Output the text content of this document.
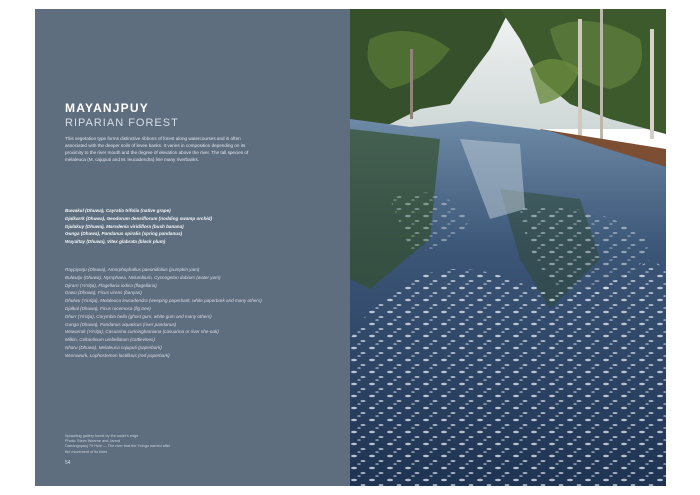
MAYANJPUY
RIPARIAN FOREST
This vegetation type forms distinctive ribbons of forest along watercourses and is often
associated with the deeper soils of levee banks. It varies in composition depending on its
proximity to the river mouth and the degree of elevation above the river. The tall species of
melaleuca (M. cajuputi and M. leucadendra) line many riverbanks.
Buwakul (Dhuwa), Cayratia trifolia (native grape)
Djalkarrk (Dhuwa), Geodorum densiflorum (nodding swamp orchid)
Djulakuy (Dhuwa), Marsdenia viridiflora (bush banana)
Gunga (Dhuwa), Pandanus spiralis (spring pandanus)
Wuyaltay (Dhuwa), Vitex glabrata (black plum)
Raypiyarju (Dhuwa), Amorphophallus paeoniifolius (pumpkin yam)
Bulwutju (Dhuwa), Nymphaea, Nelumbium, Cycnogeton dubium (water yam)
Djirarri (Yirritja), Flagellaria indica (flagellaria)
Dawu (Dhuwa), Ficus virens (banyan)
Dhulwu (Yirritja), Melaleuca leucadendra (weeping paperbark, white paperbark and many others)
Djalkal (Dhuwa), Ficus racemosa (fig tree)
Dhurr (Yirritja), Corymbia bella (ghost gum, white gum and many others)
Gunga (Dhuwa), Pandanus aquaticus (river pandanus)
Wawarrak (Yirritja), Casuarina cunninghamiana (casuarina or river she-oak)
Milkin, Celtantinum umbellatum (cattlevines)
Nharu (Dhuwa), Melaleuca cajuputi (paperbark)
Wurrawurk, Lophostemon lactifluus (red paperbark)
Sprawling gallery forest by the water's edge
Photo: Steve Wearne and Jarrod
Darrangnyanj 79 Hole — The river that the Yolngu named after
the movement of its tides
54
